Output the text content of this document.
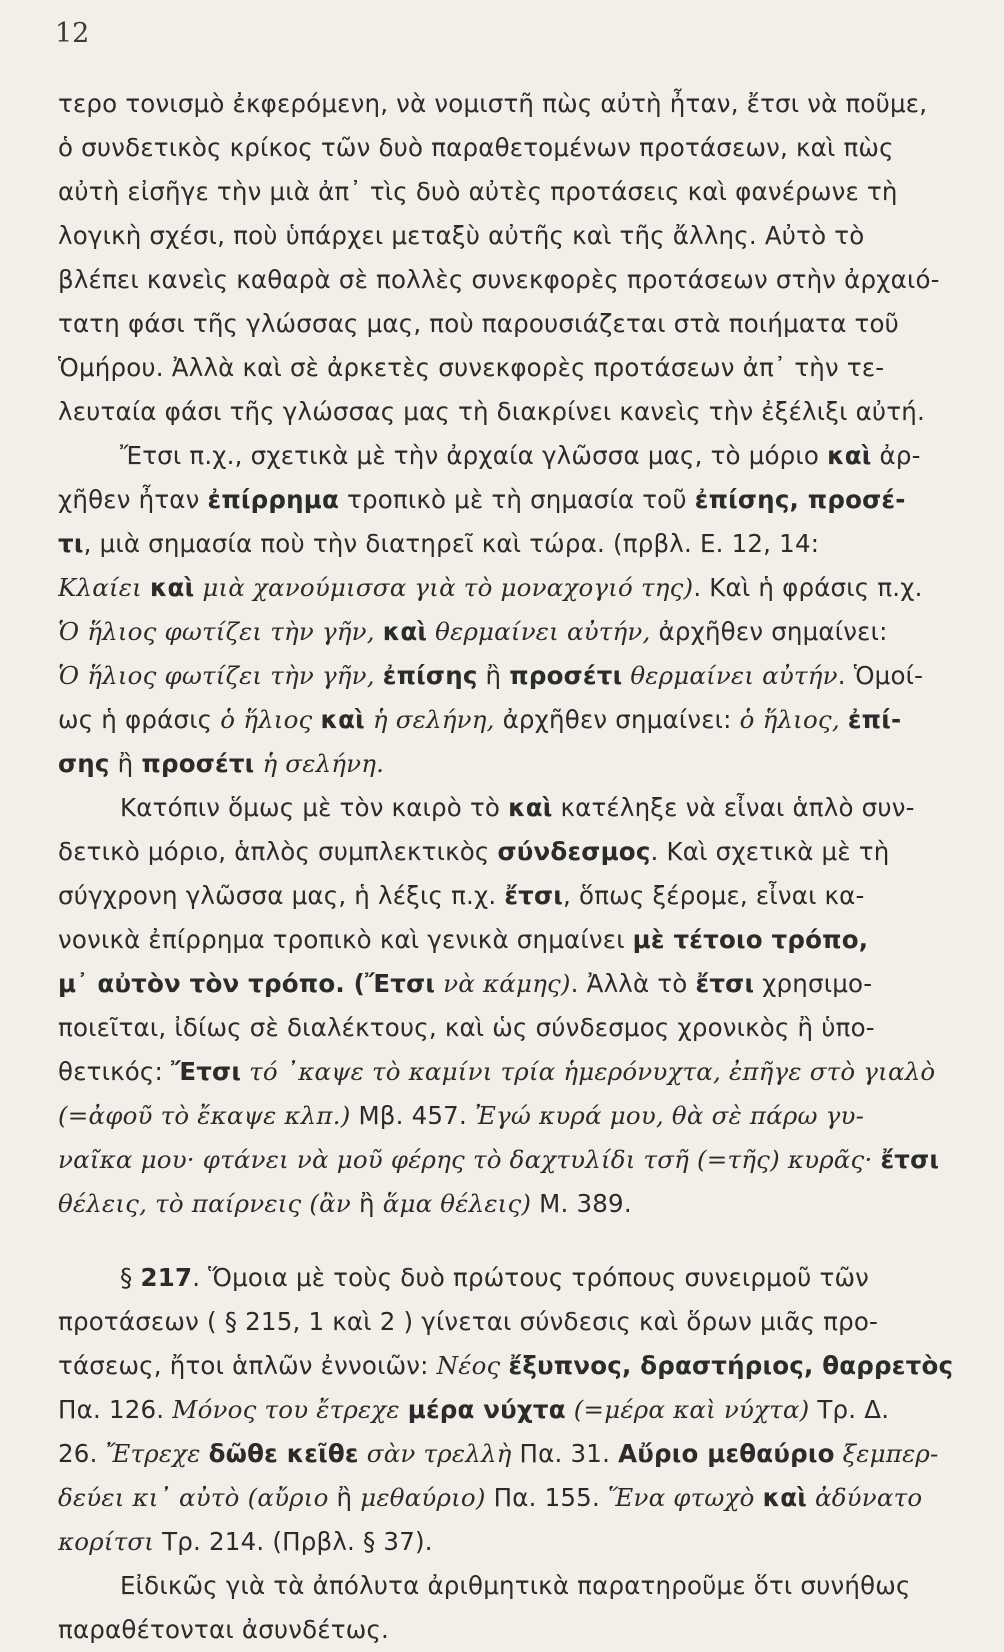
12
τερο τονισμὸ ἐκφερόμενη, νὰ νομιστῆ πὼς αὐτὴ ἦταν, ἔτσι νὰ ποῦμε,
ὁ συνδετικὸς κρίκος τῶν δυὸ παραθετομένων προτάσεων, καὶ πὼς
αὐτὴ εἰσῆγε τὴν μιὰ ἀπ᾿ τὶς δυὸ αὐτὲς προτάσεις καὶ φανέρωνε τὴ
λογικὴ σχέσι, ποὺ ὑπάρχει μεταξὺ αὐτῆς καὶ τῆς ἄλλης. Αὐτὸ τὸ
βλέπει κανεὶς καθαρὰ σὲ πολλὲς συνεκφορὲς προτάσεων στὴν ἀρχαιό-
τατη φάσι τῆς γλώσσας μας, ποὺ παρουσιάζεται στὰ ποιήματα τοῦ
Ὁμήρου. Ἀλλὰ καὶ σὲ ἀρκετὲς συνεκφορὲς προτάσεων ἀπ᾿ τὴν τε-
λευταία φάσι τῆς γλώσσας μας τὴ διακρίνει κανεὶς τὴν ἐξέλιξι αὐτή.
Ἔτσι π.χ., σχετικὰ μὲ τὴν ἀρχαία γλῶσσα μας, τὸ μόριο καὶ ἀρ-
χῆθεν ἦταν ἐπίρρημα τροπικὸ μὲ τὴ σημασία τοῦ ἐπίσης, προσέ-
τι, μιὰ σημασία ποὺ τὴν διατηρεῖ καὶ τώρα. (πρβλ. Ε. 12, 14:
Κλαίει καὶ μιὰ χανούμισσα γιὰ τὸ μοναχογιό της). Καὶ ἡ φράσις π.χ.
Ὁ ἥλιος φωτίζει τὴν γῆν, καὶ θερμαίνει αὐτήν, ἀρχῆθεν σημαίνει:
Ὁ ἥλιος φωτίζει τὴν γῆν, ἐπίσης ἢ προσέτι θερμαίνει αὐτήν. Ὁμοί-
ως ἡ φράσις ὁ ἥλιος καὶ ἡ σελήνη, ἀρχῆθεν σημαίνει: ὁ ἥλιος, ἐπί-
σης ἢ προσέτι ἡ σελήνη.
Κατόπιν ὅμως μὲ τὸν καιρὸ τὸ καὶ κατέληξε νὰ εἶναι ἁπλὸ συν-
δετικὸ μόριο, ἁπλὸς συμπλεκτικὸς σύνδεσμος. Καὶ σχετικὰ μὲ τὴ
σύγχρονη γλῶσσα μας, ἡ λέξις π.χ. ἔτσι, ὅπως ξέρομε, εἶναι κα-
νονικὰ ἐπίρρημα τροπικὸ καὶ γενικὰ σημαίνει μὲ τέτοιο τρόπο,
μ᾿ αὐτὸν τὸν τρόπο. (Ἔτσι νὰ κάμης). Ἀλλὰ τὸ ἔτσι χρησιμο-
ποιεῖται, ἰδίως σὲ διαλέκτους, καὶ ὡς σύνδεσμος χρονικὸς ἢ ὑπο-
θετικός: Ἔτσι τό ᾿καψε τὸ καμίνι τρία ἡμερόνυχτα, ἐπῆγε στὸ γιαλὸ
(=ἀφοῦ τὸ ἔκαψε κλπ.) Μβ. 457. Ἐγώ κυρά μου, θὰ σὲ πάρω γυ-
ναῖκα μου· φτάνει νὰ μοῦ φέρης τὸ δαχτυλίδι τσῆ (=τῆς) κυρᾶς· ἔτσι
θέλεις, τὸ παίρνεις (ἂν ἢ ἅμα θέλεις) Μ. 389.
§ 217. Ὅμοια μὲ τοὺς δυὸ πρώτους τρόπους συνειρμοῦ τῶν
προτάσεων ( § 215, 1 καὶ 2 ) γίνεται σύνδεσις καὶ ὅρων μιᾶς προ-
τάσεως, ἤτοι ἁπλῶν ἐννοιῶν: Νέος ἔξυπνος, δραστήριος, θαρρετὸς
Πα. 126. Μόνος του ἔτρεχε μέρα νύχτα (=μέρα καὶ νύχτα) Τρ. Δ.
26. Ἔτρεχε δῶθε κεῖθε σὰν τρελλὴ Πα. 31. Αὔριο μεθαύριο ξεμπερ-
δεύει κι᾿ αὐτὸ (αὔριο ἢ μεθαύριο) Πα. 155. Ἕνα φτωχὸ καὶ ἀδύνατο
κορίτσι Τρ. 214. (Πρβλ. § 37).
Εἰδικῶς γιὰ τὰ ἀπόλυτα ἀριθμητικὰ παρατηροῦμε ὅτι συνήθως
παραθέτονται ἀσυνδέτως.
